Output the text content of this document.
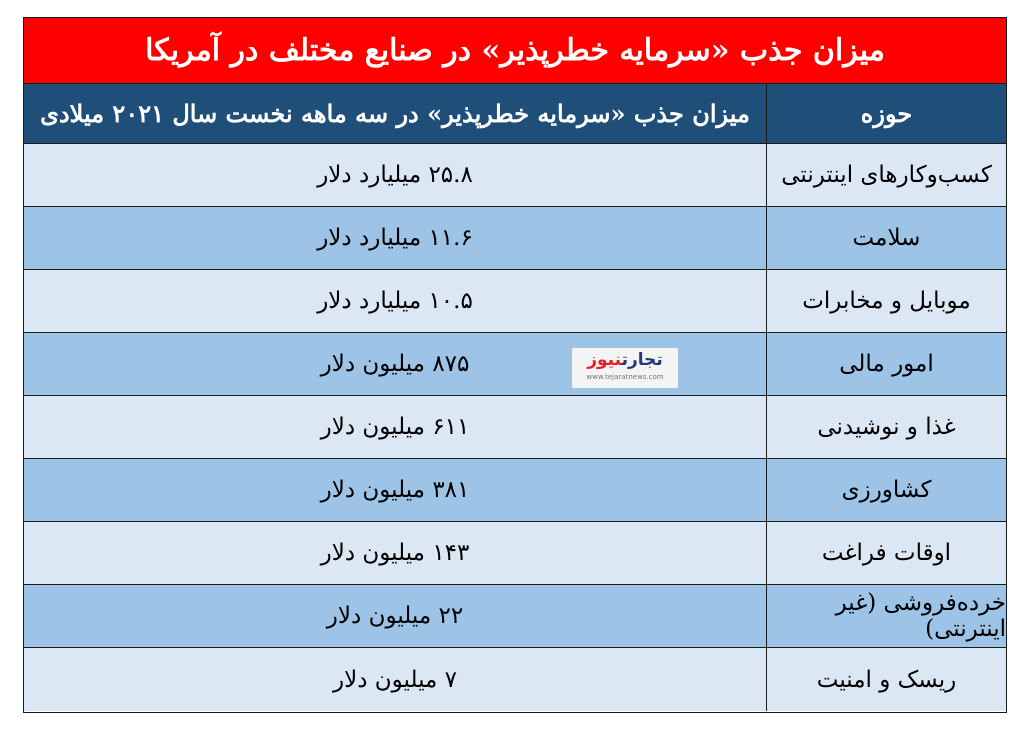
میزان جذب «سرمایه خطرپذیر» در صنایع مختلف در آمریکا
حوزه
میزان جذب «سرمایه خطرپذیر» در سه ماهه نخست سال ۲۰۲۱ میلادی
کسب‌وکارهای اینترنتی
۲۵.۸ میلیارد دلار
سلامت
۱۱.۶ میلیارد دلار
موبایل و مخابرات
۱۰.۵ میلیارد دلار
امور مالی
۸۷۵ میلیون دلار
غذا و نوشیدنی
۶۱۱ میلیون دلار
کشاورزی
۳۸۱ میلیون دلار
اوقات فراغت
۱۴۳ میلیون دلار
خرده‌فروشی (غیر اینترنتی)
۲۲ میلیون دلار
ریسک و امنیت
۷ میلیون دلار
تجارتنیوز
www.tejaratnews.com
